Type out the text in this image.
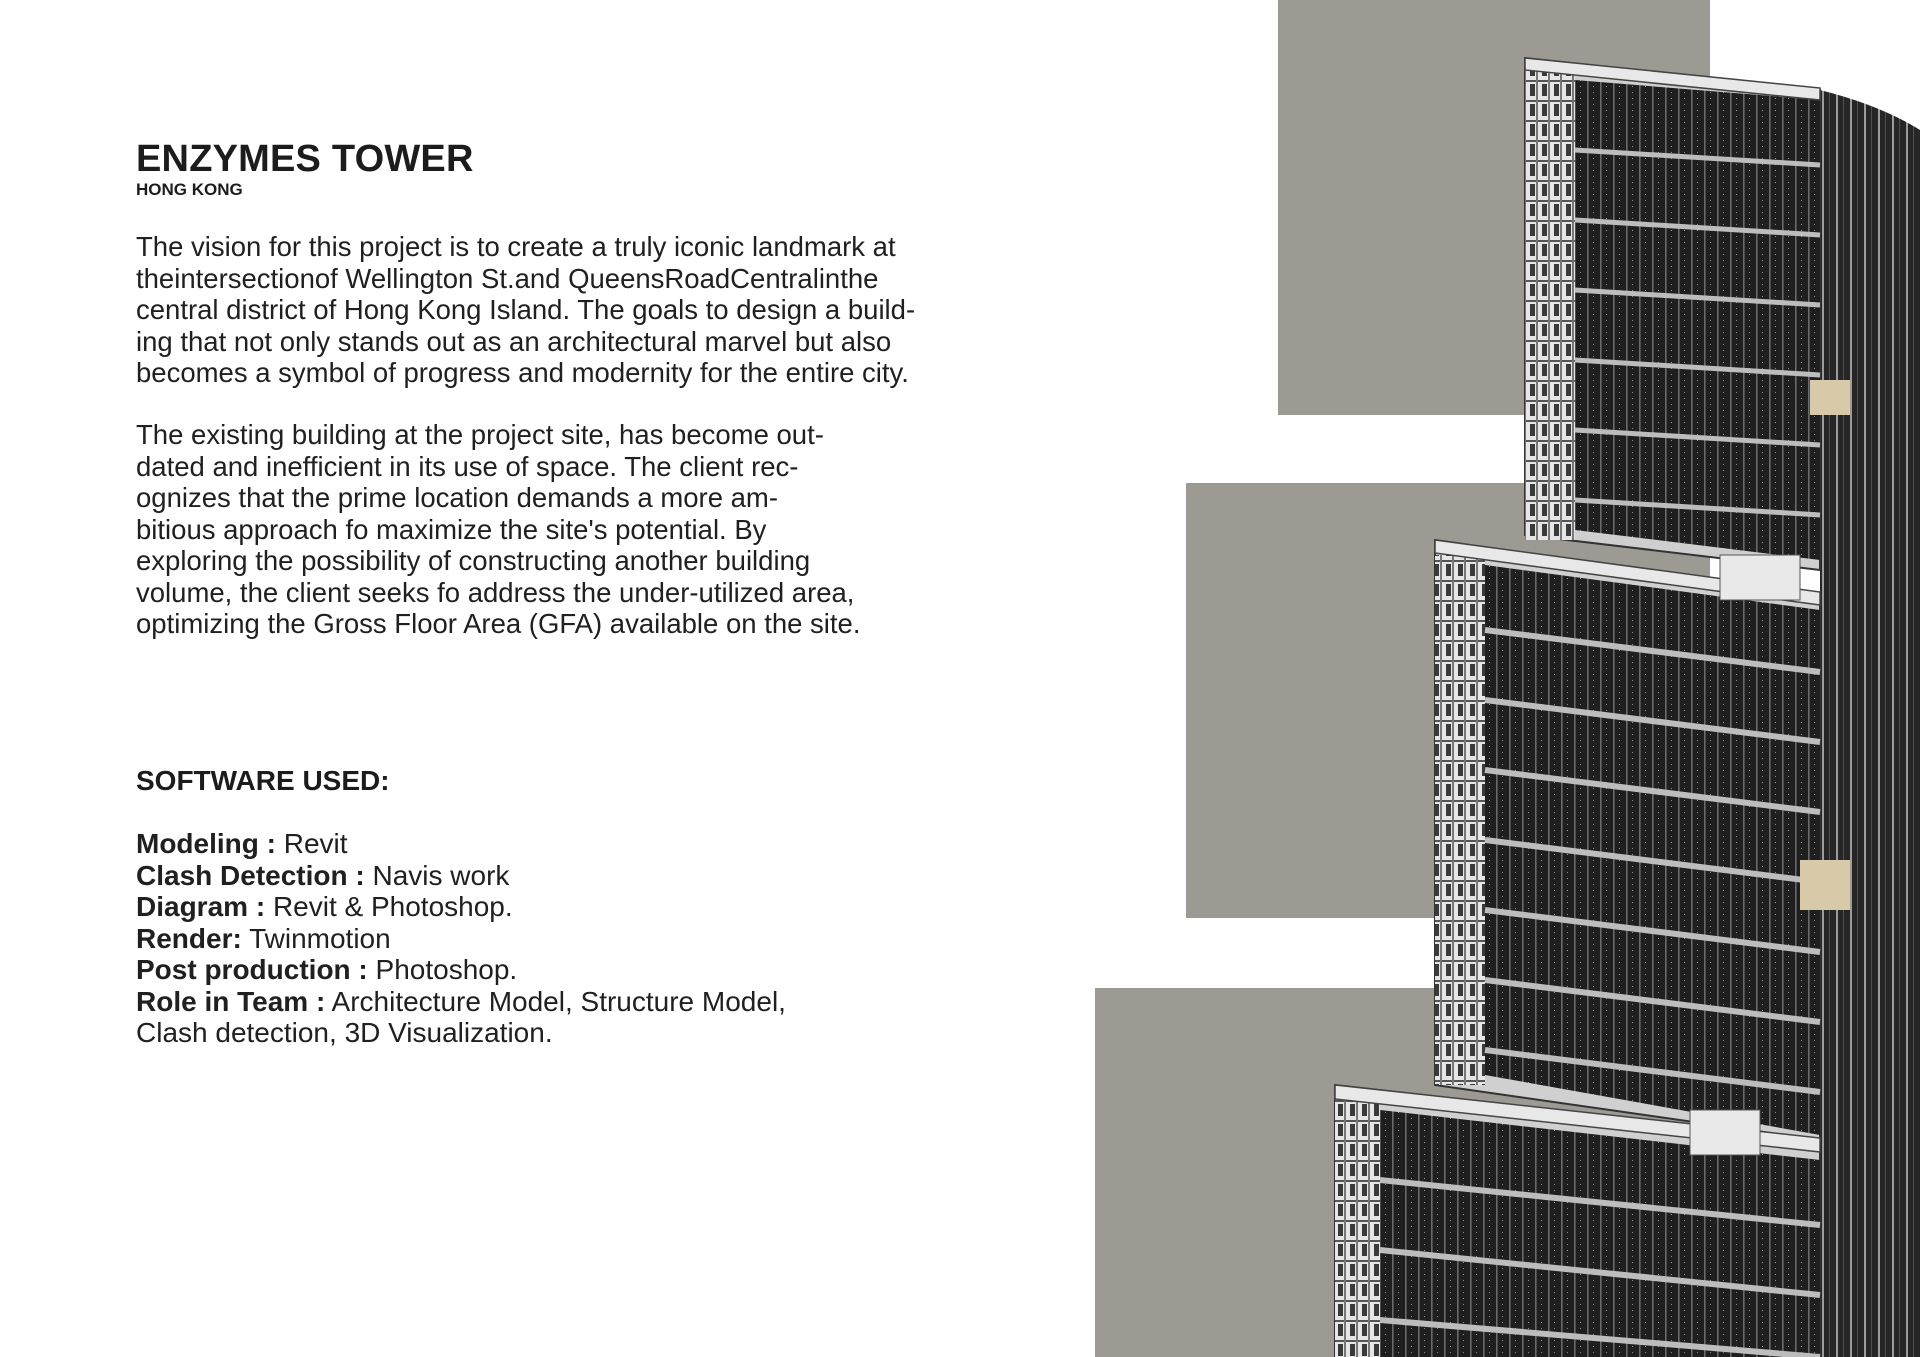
ENZYMES TOWER
HONG KONG

The vision for this project is to create a truly iconic landmark at
theintersectionof Wellington St.and QueensRoadCentralinthe
central district of Hong Kong Island. The goals to design a build-
ing that not only stands out as an architectural marvel but also
becomes a symbol of progress and modernity for the entire city.

The existing building at the project site, has become out-
dated and inefficient in its use of space. The client rec-
ognizes that the prime location demands a more am-
bitious approach fo maximize the site's potential. By
exploring the possibility of constructing another building
volume, the client seeks fo address the under-utilized area,
optimizing the Gross Floor Area (GFA) available on the site.

SOFTWARE USED:
Modeling : Revit
Clash Detection : Navis work
Diagram : Revit & Photoshop.
Render: Twinmotion
Post production : Photoshop.
Role in Team : Architecture Model, Structure Model,
Clash detection, 3D Visualization.
